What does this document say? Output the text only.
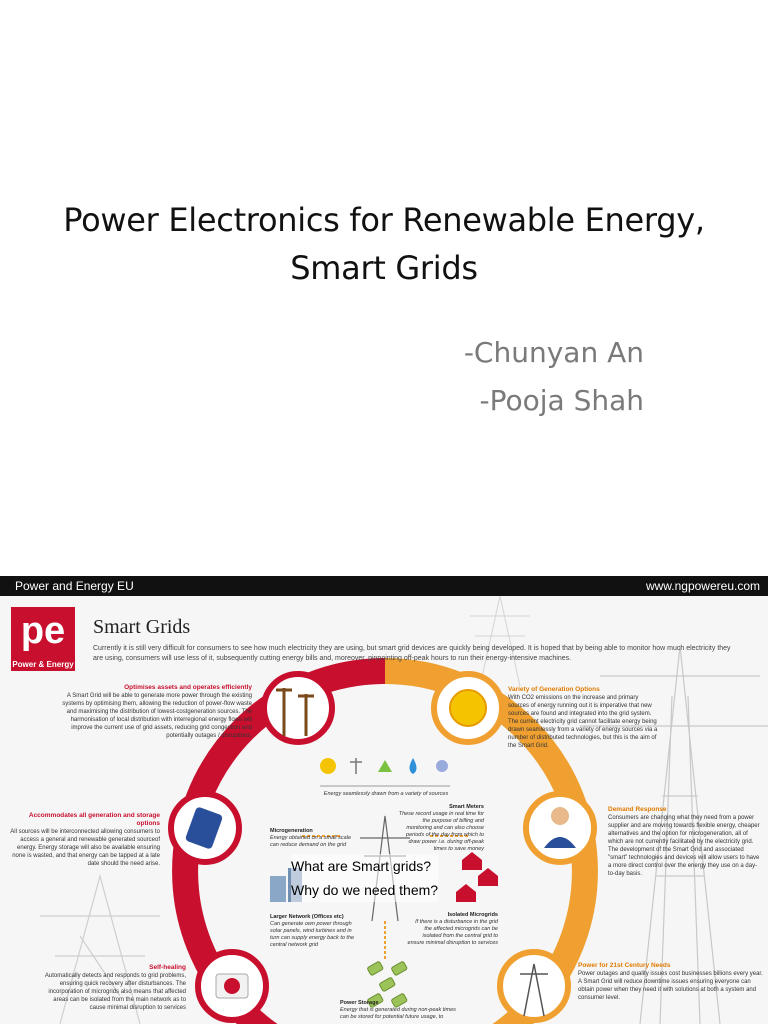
Power Electronics for Renewable Energy,
Smart Grids
-Chunyan An
-Pooja Shah
Power and Energy EU	www.ngpowereu.com
pe
Power & Energy
Smart Grids
Currently it is still very difficult for consumers to see how much electricity they are using, but smart grid devices are quickly being developed. It is hoped that by being able to monitor how much electricity they are using, consumers will use less of it, subsequently cutting energy bills and, moreover, pinpointing off-peak hours to run their energy-intensive machines.
Optimises assets and operates efficiently
A Smart Grid will be able to generate more power through the existing systems by optimising them, allowing the reduction of power-flow waste and maximising the distribution of lowest-costgeneration sources. The harmonisation of local distribution with interregional energy flows will improve the current use of grid assets, reducing grid congestion and potentially outages / disruptions.
Accommodates all generation and storage options
All sources will be interconnected allowing consumers to access a general and renewable generated sourceof energy. Energy storage will also be available ensuring none is wasted, and that energy can be tapped at a late date should the need arise.
Self-healing
Automatically detects and responds to grid problems, ensuring quick recovery after disturbances. The incorporation of microgrids also means that affected areas can be isolated from the main network as to cause minimal disruption to services
Variety of Generation Options
With CO2 emissions on the increase and primary sources of energy running out it is imperative that new sources are found and integrated into the grid system. The current electricity grid cannot facilitate energy being drawn seamlessly from a variety of energy sources via a number of distributed technologies, but this is the aim of the Smart Grid.
Demand Response
Consumers are changing what they need from a power supplier and are moving towards flexible energy, cheaper alternatives and the option for microgeneration, all of which are not currently facilitated by the electricity grid. The development of the Smart Grid and associated "smart" technologies and devices will allow users to have a more direct control over the energy they use on a day-to-day basis.
Power for 21st Century Needs
Power outages and quality issues cost businesses billions every year. A Smart Grid will reduce downtime issues ensuring everyone can obtain power when they need it with solutions at both a system and consumer level.
Energy seamlessly drawn from a variety of sources
Smart Meters
These record usage in real time for the purpose of billing and monitoring and can also choose periods of the day from which to draw power i.e. during off-peak times to save money
Microgeneration
Energy obtained on a small scale can reduce demand on the grid
Larger Network (Offices etc)
Can generate own power through solar panels, wind turbines and in turn can supply energy back to the central network grid
Isolated Microgrids
If there is a disturbance in the grid the affected microgrids can be isolated from the central grid to ensure minimal disruption to services
Power Storage
Energy that is generated during non-peak times can be stored for potential future usage, to
What are Smart grids?
Why do we need them?
